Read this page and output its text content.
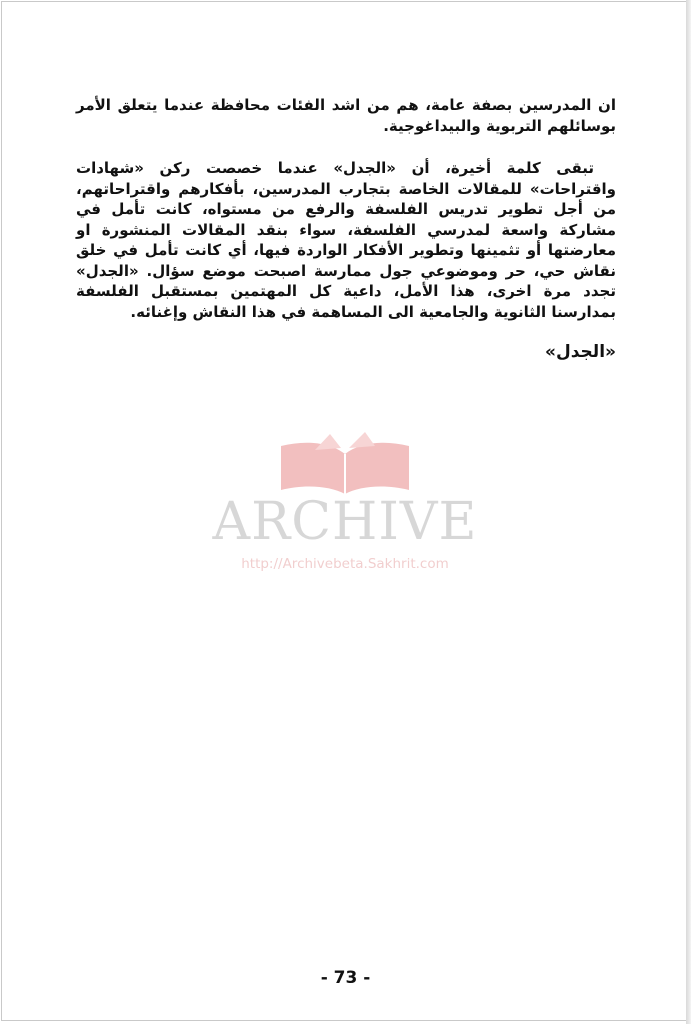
ان المدرسين بصفة عامة، هم من اشد الفئات محافظة عندما يتعلق الأمر بوسائلهم التربوية والبيداغوجية.

تبقى كلمة أخيرة، أن «الجدل» عندما خصصت ركن «شهادات واقتراحات» للمقالات الخاصة بتجارب المدرسين، بأفكارهم واقتراحاتهم، من أجل تطوير تدريس الفلسفة والرفع من مستواه، كانت تأمل في مشاركة واسعة لمدرسي الفلسفة، سواء بنقد المقالات المنشورة او معارضتها أو تثمينها وتطوير الأفكار الواردة فيها، أي كانت تأمل في خلق نقاش حي، حر وموضوعي جول ممارسة اصبحت موضع سؤال. «الجدل» تجدد مرة اخرى، هذا الأمل، داعية كل المهتمين بمستقبل الفلسفة بمدارسنا الثانوية والجامعية الى المساهمة في هذا النقاش وإغنائه.

«الجدل»

ARCHIVE
http://Archivebeta.Sakhrit.com
- 73 -
